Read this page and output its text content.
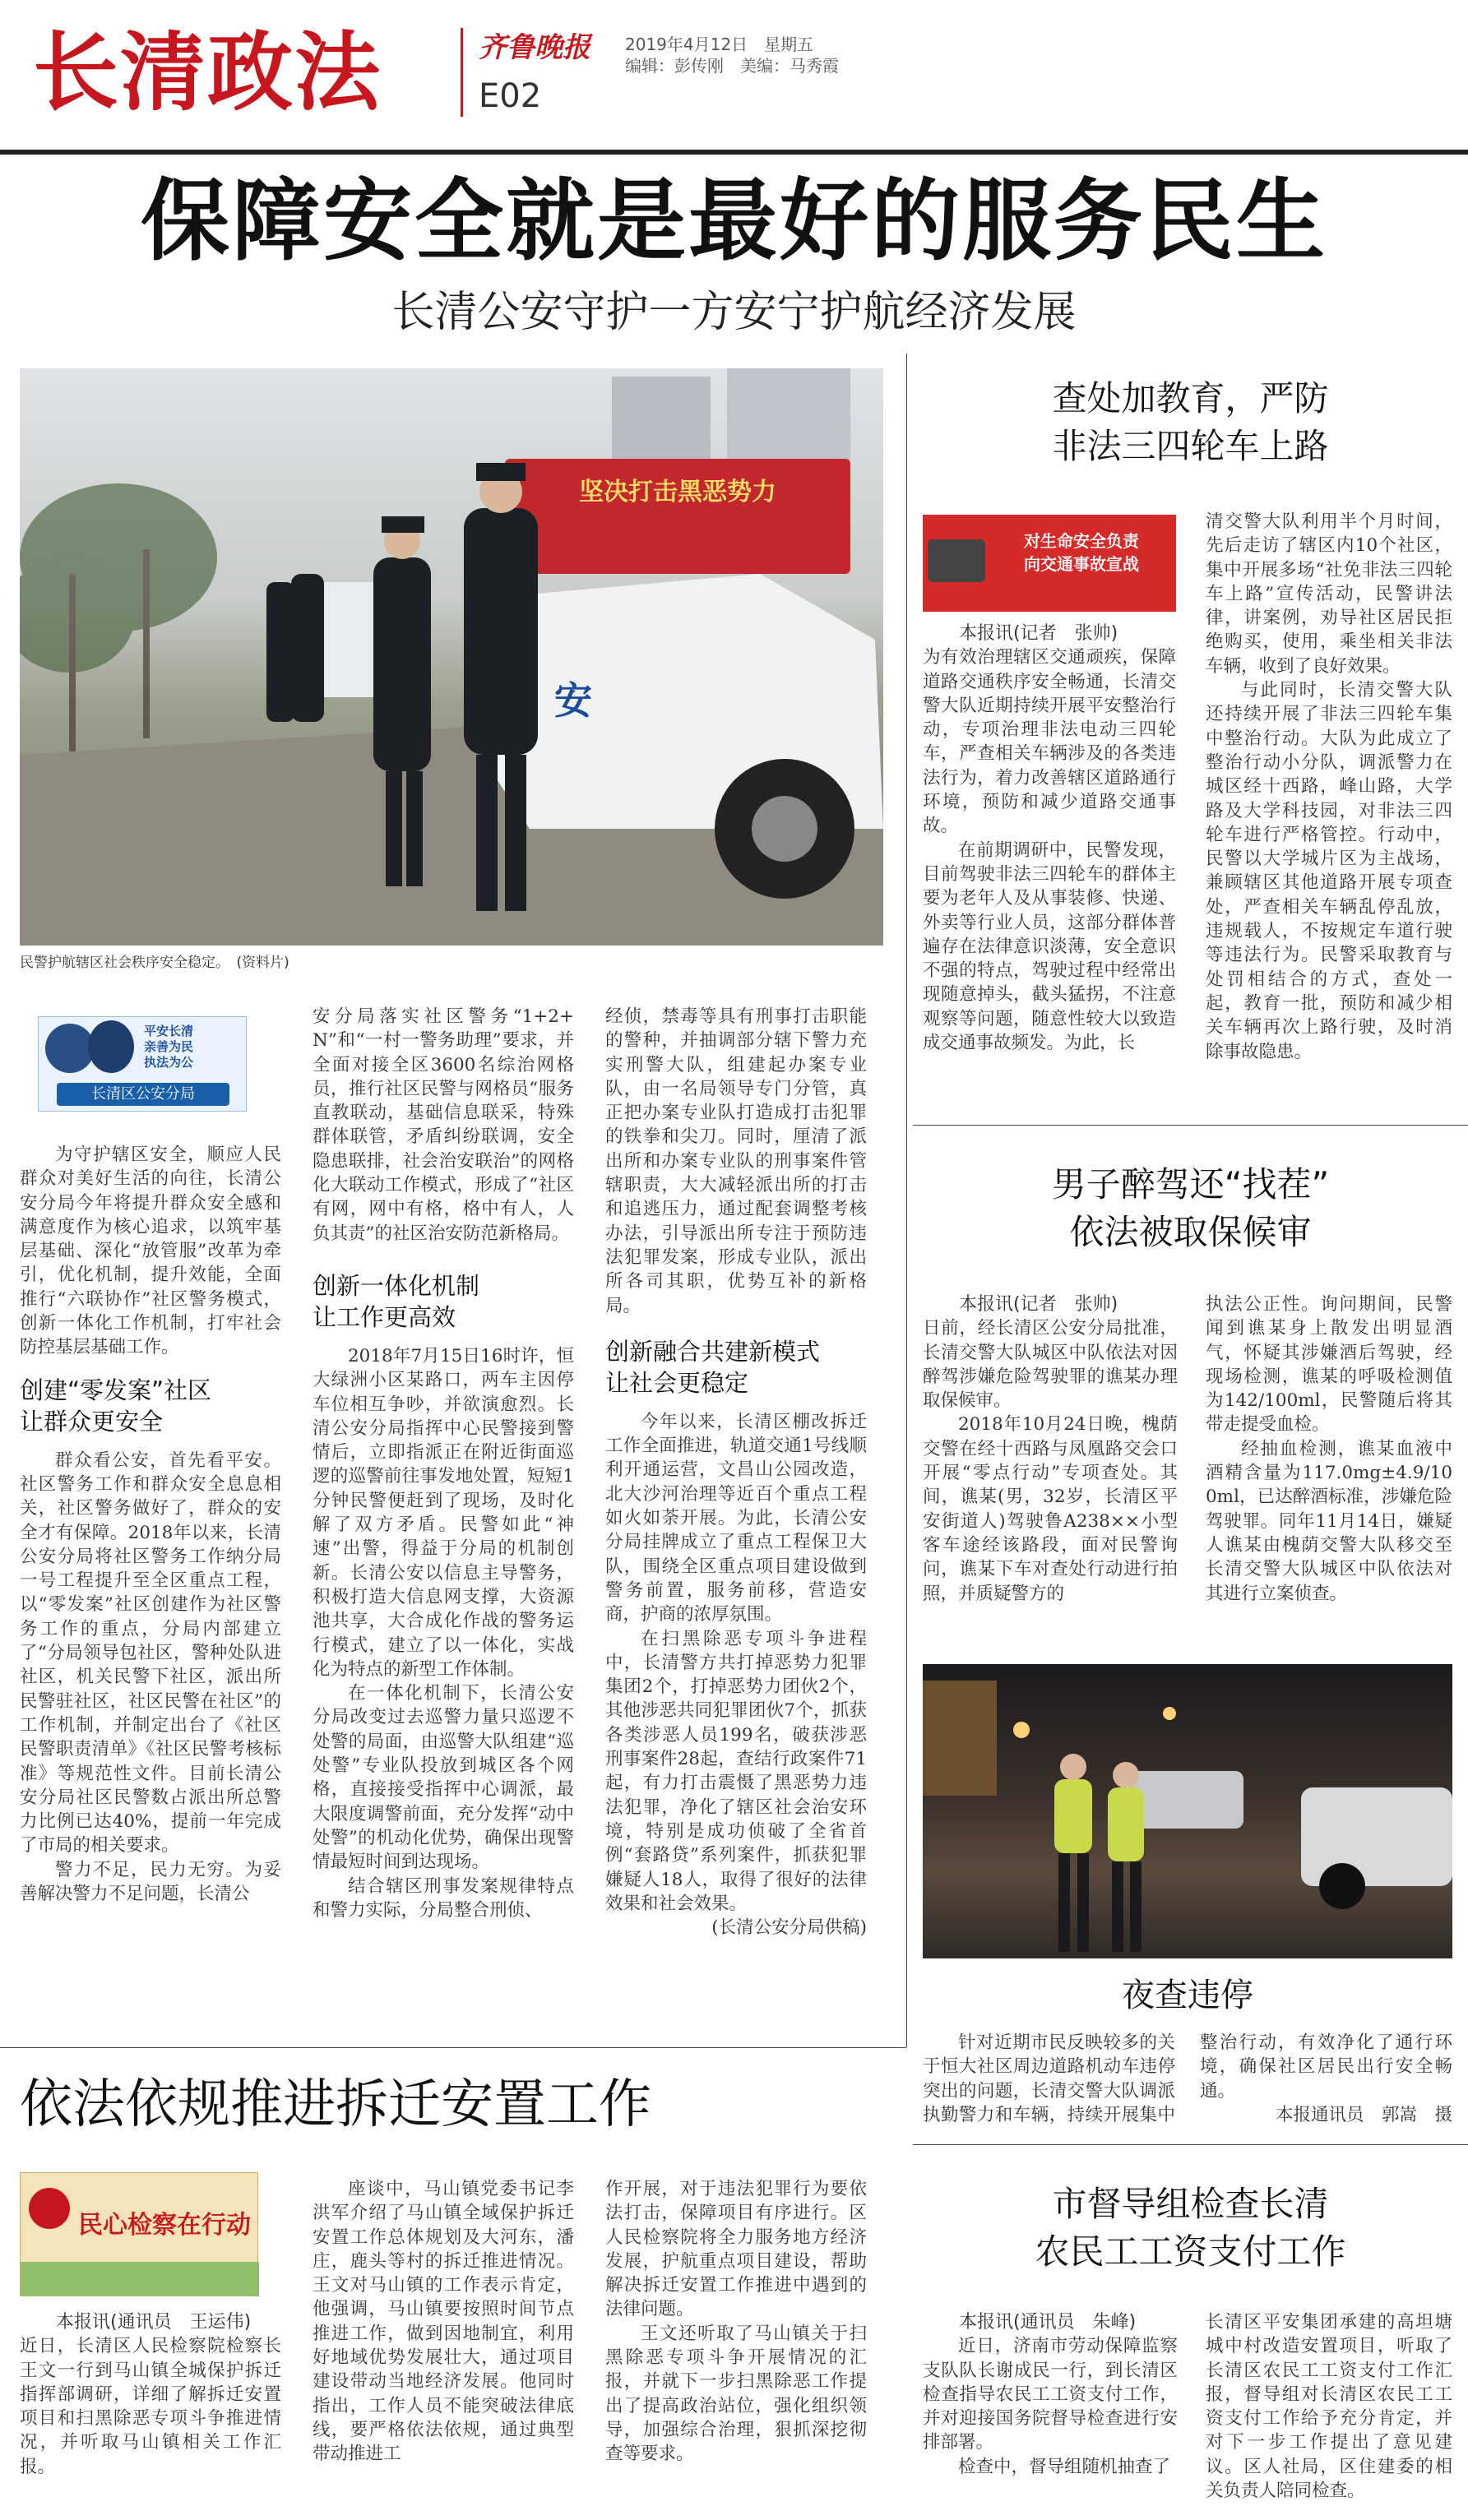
长清政法	齐鲁晚报 2019年4月12日　星期五
编辑：彭传刚　美编：马秀霞
E02
保障安全就是最好的服务民生
长清公安守护一方安宁护航经济发展
坚决打击黑恶势力
安
民警护航辖区社会秩序安全稳定。　(资料片)
平安长清
亲善为民
执法为公
长清区公安分局

为守护辖区安全，顺应人民群众对美好生活的向往，长清公安分局今年将提升群众安全感和满意度作为核心追求，以筑牢基层基础、深化“放管服”改革为牵引，优化机制，提升效能，全面推行“六联协作”社区警务模式，创新一体化工作机制，打牢社会防控基层基础工作。

创建“零发案”社区
让群众更安全

群众看公安，首先看平安。社区警务工作和群众安全息息相关，社区警务做好了，群众的安全才有保障。2018年以来，长清公安分局将社区警务工作纳分局一号工程提升至全区重点工程，以“零发案”社区创建作为社区警务工作的重点，分局内部建立了“分局领导包社区，警种处队进社区，机关民警下社区，派出所民警驻社区，社区民警在社区”的工作机制，并制定出台了《社区民警职责清单》《社区民警考核标准》等规范性文件。目前长清公安分局社区民警数占派出所总警力比例已达40%，提前一年完成了市局的相关要求。

警力不足，民力无穷。为妥善解决警力不足问题，长清公

安分局落实社区警务“1+2+N”和“一村一警务助理”要求，并全面对接全区3600名综治网格员，推行社区民警与网格员“服务直教联动，基础信息联采，特殊群体联管，矛盾纠纷联调，安全隐患联排，社会治安联治”的网格化大联动工作模式，形成了“社区有网，网中有格，格中有人，人负其责”的社区治安防范新格局。

创新一体化机制
让工作更高效

2018年7月15日16时许，恒大绿洲小区某路口，两车主因停车位相互争吵，并欲演愈烈。长清公安分局指挥中心民警接到警情后，立即指派正在附近街面巡逻的巡警前往事发地处置，短短1分钟民警便赶到了现场，及时化解了双方矛盾。民警如此“神速”出警，得益于分局的机制创新。长清公安以信息主导警务，积极打造大信息网支撑，大资源池共享，大合成化作战的警务运行模式，建立了以一体化，实战化为特点的新型工作体制。

在一体化机制下，长清公安分局改变过去巡警力量只巡逻不处警的局面，由巡警大队组建“巡处警”专业队投放到城区各个网格，直接接受指挥中心调派，最大限度调警前面，充分发挥“动中处警”的机动化优势，确保出现警情最短时间到达现场。

结合辖区刑事发案规律特点和警力实际，分局整合刑侦、

经侦，禁毒等具有刑事打击职能的警种，并抽调部分辖下警力充实刑警大队，组建起办案专业队，由一名局领导专门分管，真正把办案专业队打造成打击犯罪的铁拳和尖刀。同时，厘清了派出所和办案专业队的刑事案件管辖职责，大大减轻派出所的打击和追逃压力，通过配套调整考核办法，引导派出所专注于预防违法犯罪发案，形成专业队，派出所各司其职，优势互补的新格局。

创新融合共建新模式
让社会更稳定

今年以来，长清区棚改拆迁工作全面推进，轨道交通1号线顺利开通运营，文昌山公园改造，北大沙河治理等近百个重点工程如火如荼开展。为此，长清公安分局挂牌成立了重点工程保卫大队，围绕全区重点项目建设做到警务前置，服务前移，营造安商，护商的浓厚氛围。

在扫黑除恶专项斗争进程中，长清警方共打掉恶势力犯罪集团2个，打掉恶势力团伙2个，其他涉恶共同犯罪团伙7个，抓获各类涉恶人员199名，破获涉恶刑事案件28起，查结行政案件71起，有力打击震慑了黑恶势力违法犯罪，净化了辖区社会治安环境，特别是成功侦破了全省首例“套路贷”系列案件，抓获犯罪嫌疑人18人，取得了很好的法律效果和社会效果。

(长清公安分局供稿)
查处加教育，严防
非法三四轮车上路
对生命安全负责
向交通事故宣战
本报讯(记者　张帅)

为有效治理辖区交通顽疾，保障道路交通秩序安全畅通，长清交警大队近期持续开展平安整治行动，专项治理非法电动三四轮车，严查相关车辆涉及的各类违法行为，着力改善辖区道路通行环境，预防和减少道路交通事故。

在前期调研中，民警发现，目前驾驶非法三四轮车的群体主要为老年人及从事装修、快递、外卖等行业人员，这部分群体普遍存在法律意识淡薄，安全意识不强的特点，驾驶过程中经常出现随意掉头，截头猛拐，不注意观察等问题，随意性较大以致造成交通事故频发。为此，长

清交警大队利用半个月时间，先后走访了辖区内10个社区，集中开展多场“社免非法三四轮车上路”宣传活动，民警讲法律，讲案例，劝导社区居民拒绝购买，使用，乘坐相关非法车辆，收到了良好效果。

与此同时，长清交警大队还持续开展了非法三四轮车集中整治行动。大队为此成立了整治行动小分队，调派警力在城区经十西路，峰山路，大学路及大学科技园，对非法三四轮车进行严格管控。行动中，民警以大学城片区为主战场，兼顾辖区其他道路开展专项查处，严查相关车辆乱停乱放，违规载人，不按规定车道行驶等违法行为。民警采取教育与处罚相结合的方式，查处一起，教育一批，预防和减少相关车辆再次上路行驶，及时消除事故隐患。

男子醉驾还“找茬”
依法被取保候审
本报讯(记者　张帅)

日前，经长清区公安分局批准，长清交警大队城区中队依法对因醉驾涉嫌危险驾驶罪的谯某办理取保候审。

2018年10月24日晚，槐荫交警在经十西路与凤凰路交会口开展“零点行动”专项查处。其间，谯某(男，32岁，长清区平安街道人)驾驶鲁A238××小型客车途经该路段，面对民警询问，谯某下车对查处行动进行拍照，并质疑警方的

执法公正性。询问期间，民警闻到谯某身上散发出明显酒气，怀疑其涉嫌酒后驾驶，经现场检测，谯某的呼吸检测值为142/100ml，民警随后将其带走提受血检。

经抽血检测，谯某血液中酒精含量为117.0mg±4.9/100ml，已达醉酒标准，涉嫌危险驾驶罪。同年11月14日，嫌疑人谯某由槐荫交警大队移交至长清交警大队城区中队依法对其进行立案侦查。

夜查违停

针对近期市民反映较多的关于恒大社区周边道路机动车违停突出的问题，长清交警大队调派执勤警力和车辆，持续开展集中整治行动，有效净化了通行环境，确保社区居民出行安全畅通。

本报通讯员　郭嵩　摄
依法依规推进拆迁安置工作
民心检察在行动
本报讯(通讯员　王运伟)

近日，长清区人民检察院检察长王文一行到马山镇全城保护拆迁指挥部调研，详细了解拆迁安置项目和扫黑除恶专项斗争推进情况，并听取马山镇相关工作汇报。

座谈中，马山镇党委书记李洪军介绍了马山镇全域保护拆迁安置工作总体规划及大河东，潘庄，鹿头等村的拆迁推进情况。王文对马山镇的工作表示肯定，他强调，马山镇要按照时间节点推进工作，做到因地制宜，利用好地域优势发展壮大，通过项目建设带动当地经济发展。他同时指出，工作人员不能突破法律底线，要严格依法依规，通过典型带动推进工

作开展，对于违法犯罪行为要依法打击，保障项目有序进行。区人民检察院将全力服务地方经济发展，护航重点项目建设，帮助解决拆迁安置工作推进中遇到的法律问题。

王文还听取了马山镇关于扫黑除恶专项斗争开展情况的汇报，并就下一步扫黑除恶工作提出了提高政治站位，强化组织领导，加强综合治理，狠抓深挖彻查等要求。

市督导组检查长清
农民工工资支付工作
本报讯(通讯员　朱峰)

近日，济南市劳动保障监察支队队长谢成民一行，到长清区检查指导农民工工资支付工作，并对迎接国务院督导检查进行安排部署。

检查中，督导组随机抽查了

长清区平安集团承建的高坦塘城中村改造安置项目，听取了长清区农民工工资支付工作汇报，督导组对长清区农民工工资支付工作给予充分肯定，并对下一步工作提出了意见建议。区人社局，区住建委的相关负责人陪同检查。
